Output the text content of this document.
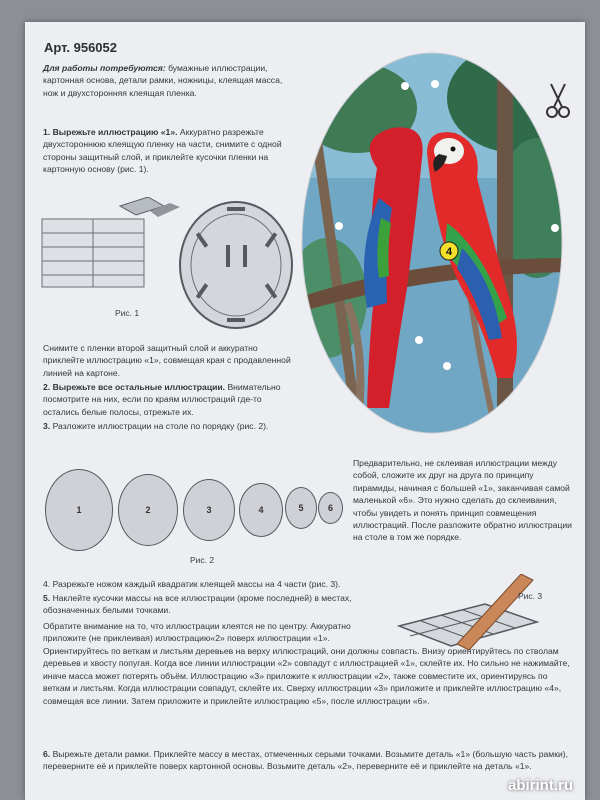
Арт. 956052
Для работы потребуются: бумажные иллюстрации, картонная основа, детали рамки, ножницы, клеящая масса, нож и двухсторонняя клеящая пленка.
1. Вырежьте иллюстрацию «1». Аккуратно разрежьте двухстороннюю клеящую пленку на части, снимите с одной стороны защитный слой, и приклейте кусочки пленки на картонную основу (рис. 1).
Рис. 1
Снимите с пленки второй защитный слой и аккуратно приклейте иллюстрацию «1», совмещая края с продавленной линией на картоне.
2. Вырежьте все остальные иллюстрации. Внимательно посмотрите на них, если по краям иллюстраций где-то остались белые полосы, отрежьте их.
3. Разложите иллюстрации на столе по порядку (рис. 2).
4
Предварительно, не склеивая иллюстрации между собой, сложите их друг на друга по принципу пирамиды, начиная с большей «1», заканчивая самой маленькой «6». Это нужно сделать до склеивания, чтобы увидеть и понять принцип совмещения иллюстраций. После разложите обратно иллюстрации на столе в том же порядке.
1	2	3	4	5	6
Рис. 2
Рис. 3
4. Разрежьте ножом каждый квадратик клеящей массы на 4 части (рис. 3).
5. Наклейте кусочки массы на все иллюстрации (кроме последней) в местах, обозначенных белыми точками.
Обратите внимание на то, что иллюстрации клеятся не по центру. Аккуратно приложите (не приклеивая) иллюстрацию«2» поверх иллюстрации «1».
Ориентируйтесь по веткам и листьям деревьев на верху иллюстраций, они должны совпасть. Внизу ориентируйтесь по стволам деревьев и хвосту попугая. Когда все линии иллюстрации «2» совпадут с иллюстрацией «1», склейте их. Но сильно не нажимайте, иначе масса может потерять объём. Иллюстрацию «3» приложите к иллюстрации «2», также совместите их, ориентируясь по веткам и листьям. Когда иллюстрации совпадут, склейте их. Сверху иллюстрации «3» приложите и приклейте иллюстрацию «4», совмещая все линии. Затем приложите и приклейте иллюстрацию «5», после иллюстрации «6».
6. Вырежьте детали рамки. Приклейте массу в местах, отмеченных серыми точками. Возьмите деталь «1» (большую часть рамки), переверните её и приклейте поверх картонной основы. Возьмите деталь «2», переверните её и приклейте на деталь «1».
abirint.ru
